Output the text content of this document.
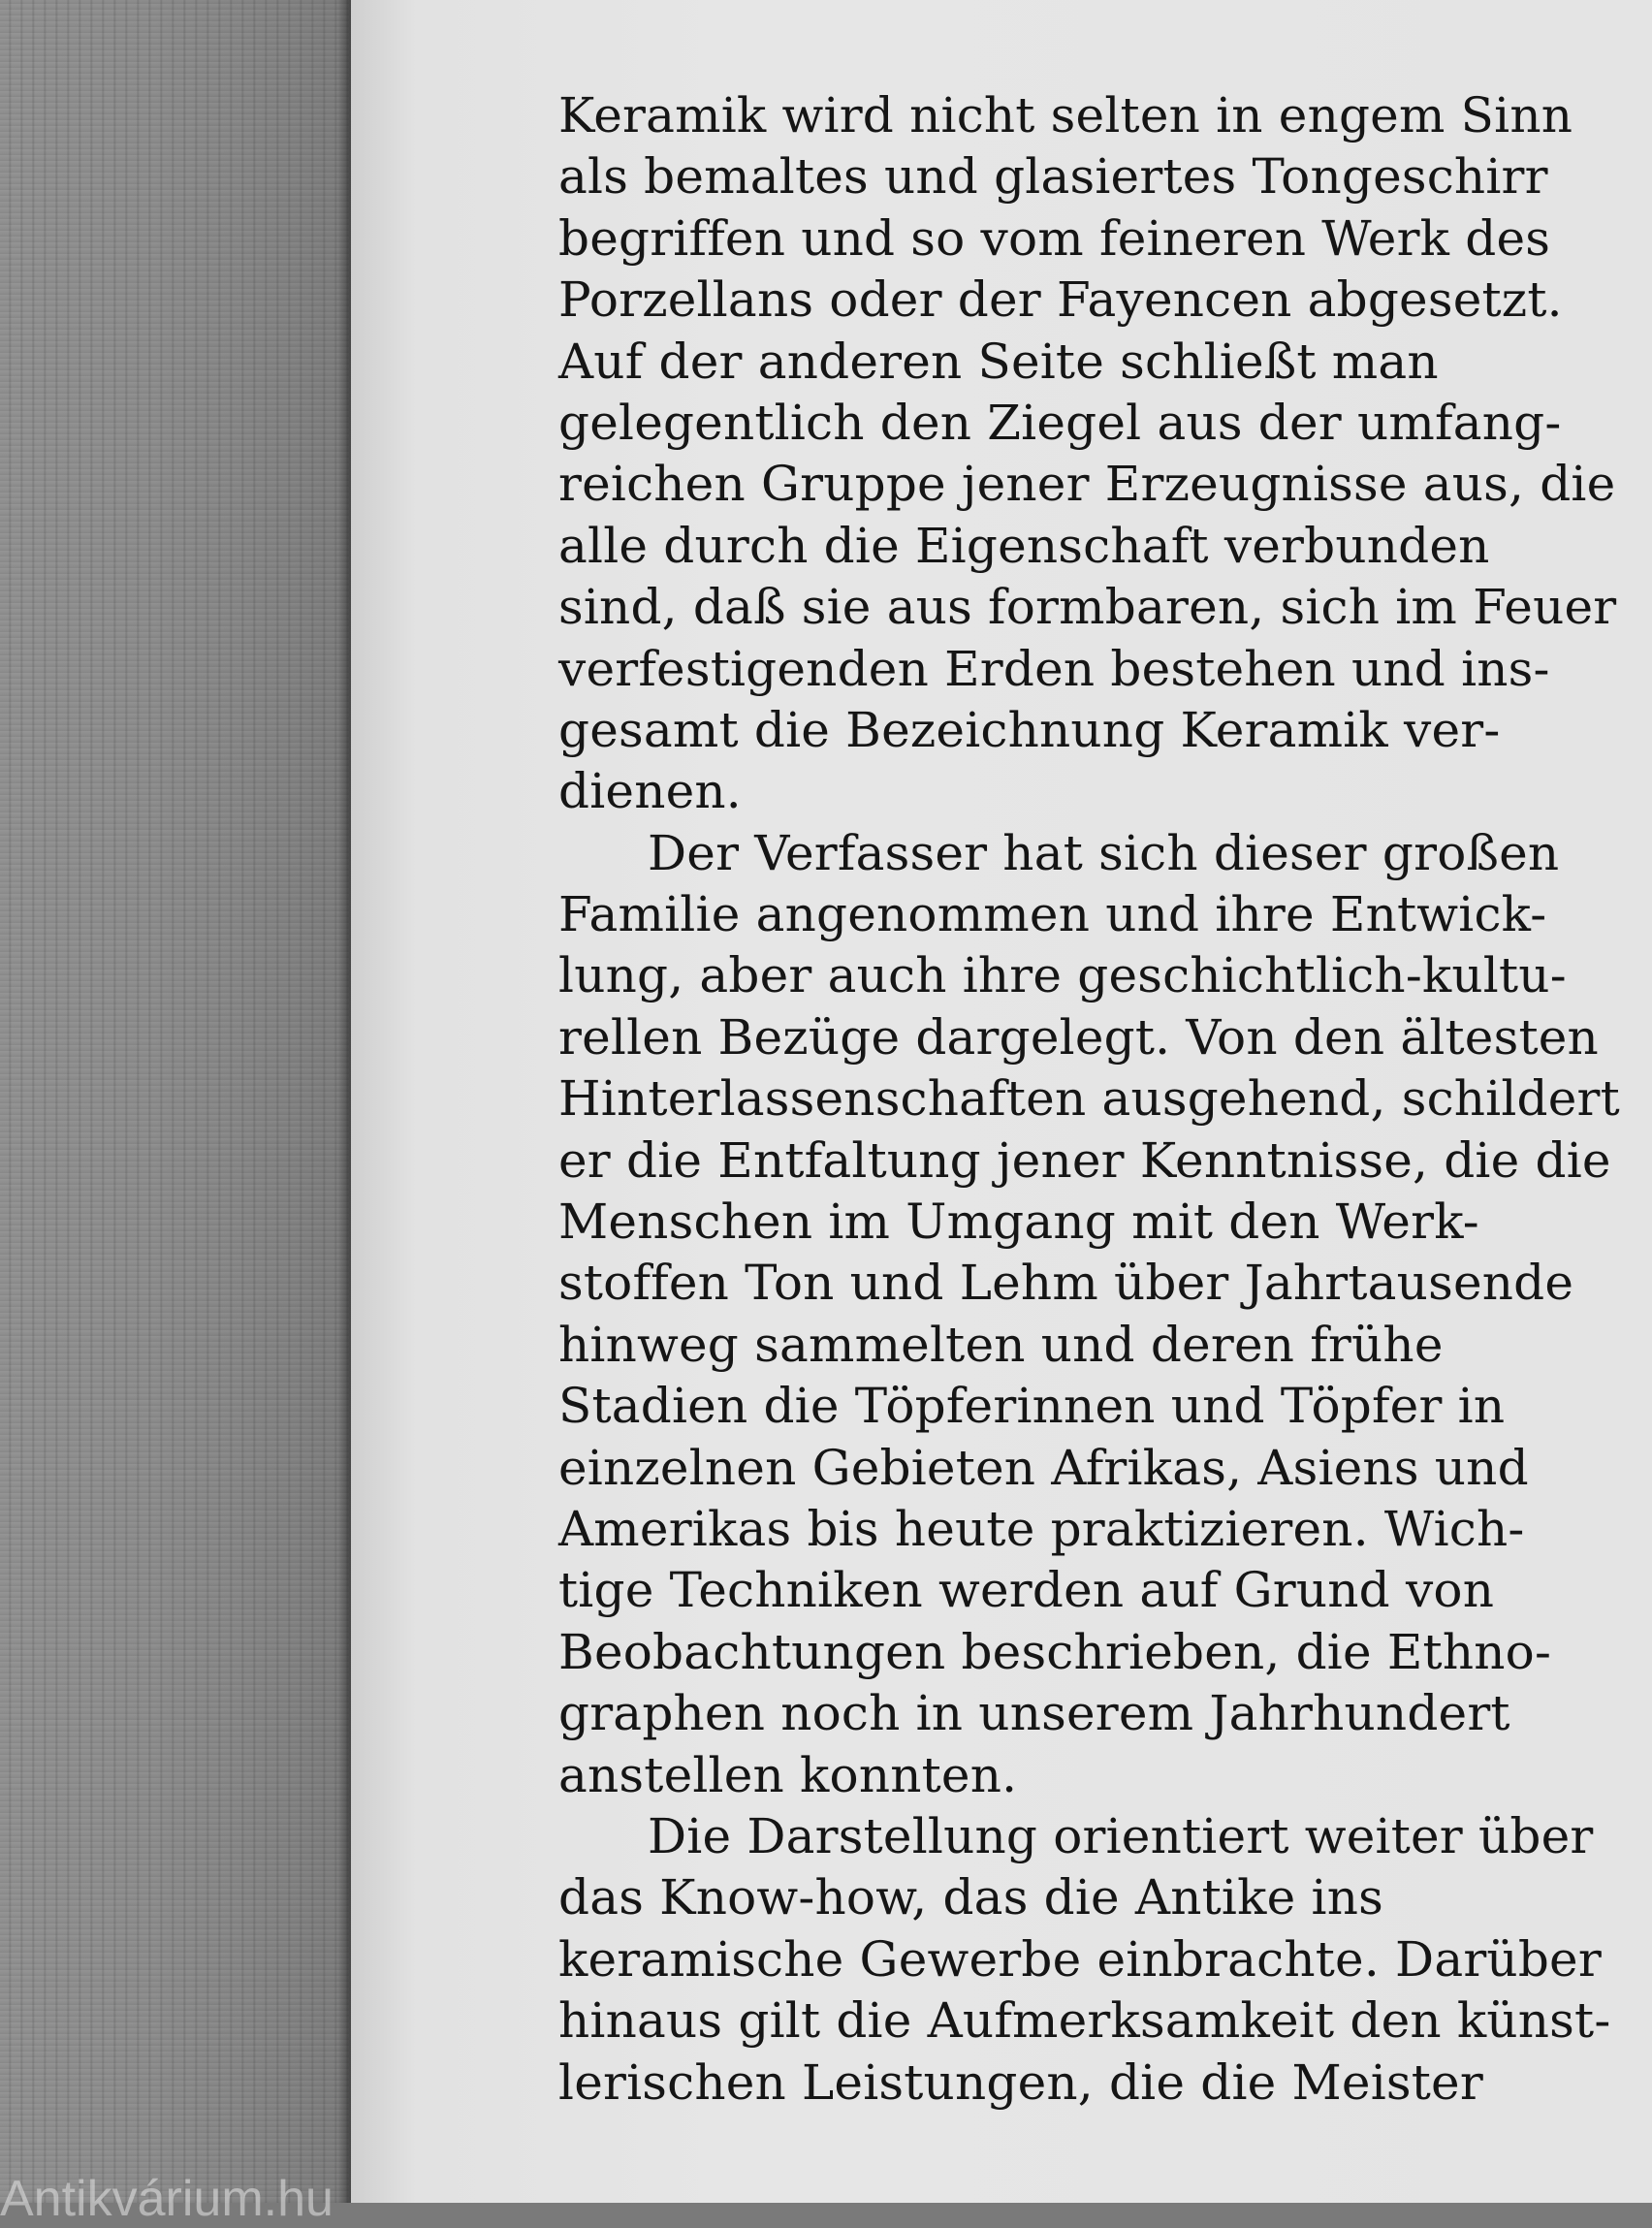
Keramik wird nicht selten in engem Sinn
als bemaltes und glasiertes Tongeschirr
begriffen und so vom feineren Werk des
Porzellans oder der Fayencen abgesetzt.
Auf der anderen Seite schließt man
gelegentlich den Ziegel aus der umfang-
reichen Gruppe jener Erzeugnisse aus, die
alle durch die Eigenschaft verbunden
sind, daß sie aus formbaren, sich im Feuer
verfestigenden Erden bestehen und ins-
gesamt die Bezeichnung Keramik ver-
dienen.
Der Verfasser hat sich dieser großen
Familie angenommen und ihre Entwick-
lung, aber auch ihre geschichtlich-kultu-
rellen Bezüge dargelegt. Von den ältesten
Hinterlassenschaften ausgehend, schildert
er die Entfaltung jener Kenntnisse, die die
Menschen im Umgang mit den Werk-
stoffen Ton und Lehm über Jahrtausende
hinweg sammelten und deren frühe
Stadien die Töpferinnen und Töpfer in
einzelnen Gebieten Afrikas, Asiens und
Amerikas bis heute praktizieren. Wich-
tige Techniken werden auf Grund von
Beobachtungen beschrieben, die Ethno-
graphen noch in unserem Jahrhundert
anstellen konnten.
Die Darstellung orientiert weiter über
das Know-how, das die Antike ins
keramische Gewerbe einbrachte. Darüber
hinaus gilt die Aufmerksamkeit den künst-
lerischen Leistungen, die die Meister
Antikvárium.hu
